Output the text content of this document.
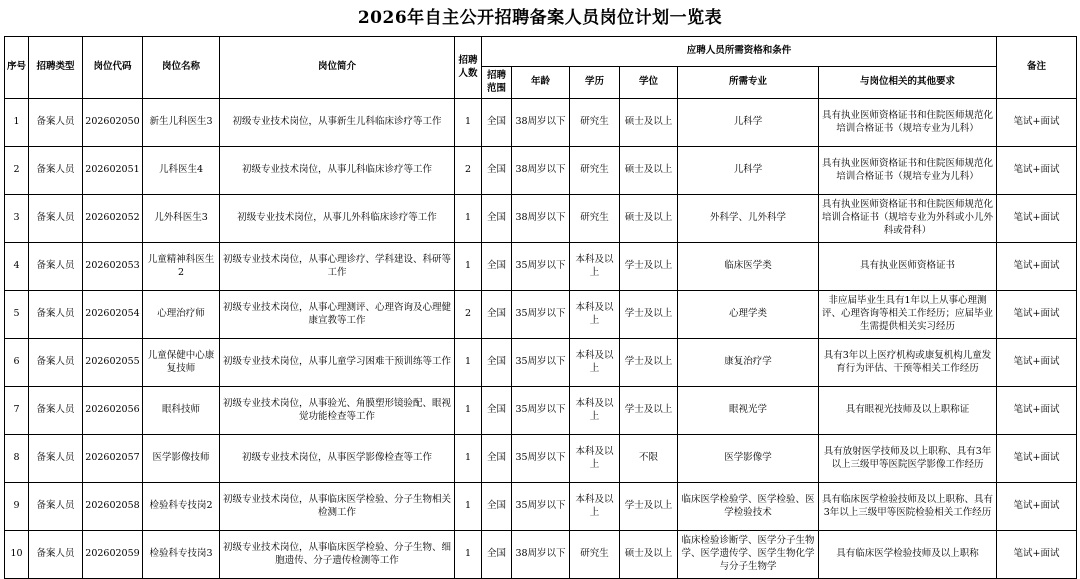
2026年自主公开招聘备案人员岗位计划一览表
序号	招聘类型	岗位代码	岗位名称	岗位简介	招聘人数	应聘人员所需资格和条件						备注
						招聘范围	年龄	学历	学位	所需专业	与岗位相关的其他要求	
1	备案人员	202602050	新生儿科医生3	初级专业技术岗位，从事新生儿科临床诊疗等工作	1	全国	38周岁以下	研究生	硕士及以上	儿科学	具有执业医师资格证书和住院医师规范化培训合格证书（规培专业为儿科）	笔试+面试
2	备案人员	202602051	儿科医生4	初级专业技术岗位，从事儿科临床诊疗等工作	2	全国	38周岁以下	研究生	硕士及以上	儿科学	具有执业医师资格证书和住院医师规范化培训合格证书（规培专业为儿科）	笔试+面试
3	备案人员	202602052	儿外科医生3	初级专业技术岗位，从事儿外科临床诊疗等工作	1	全国	38周岁以下	研究生	硕士及以上	外科学、儿外科学	具有执业医师资格证书和住院医师规范化培训合格证书（规培专业为外科或小儿外科或骨科）	笔试+面试
4	备案人员	202602053	儿童精神科医生2	初级专业技术岗位，从事心理诊疗、学科建设、科研等工作	1	全国	35周岁以下	本科及以上	学士及以上	临床医学类	具有执业医师资格证书	笔试+面试
5	备案人员	202602054	心理治疗师	初级专业技术岗位，从事心理测评、心理咨询及心理健康宣教等工作	2	全国	35周岁以下	本科及以上	学士及以上	心理学类	非应届毕业生具有1年以上从事心理测评、心理咨询等相关工作经历；应届毕业生需提供相关实习经历	笔试+面试
6	备案人员	202602055	儿童保健中心康复技师	初级专业技术岗位，从事儿童学习困难干预训练等工作	1	全国	35周岁以下	本科及以上	学士及以上	康复治疗学	具有3年以上医疗机构或康复机构儿童发育行为评估、干预等相关工作经历	笔试+面试
7	备案人员	202602056	眼科技师	初级专业技术岗位，从事验光、角膜塑形镜验配、眼视觉功能检查等工作	1	全国	35周岁以下	本科及以上	学士及以上	眼视光学	具有眼视光技师及以上职称证	笔试+面试
8	备案人员	202602057	医学影像技师	初级专业技术岗位，从事医学影像检查等工作	1	全国	35周岁以下	本科及以上	不限	医学影像学	具有放射医学技师及以上职称、具有3年以上三级甲等医院医学影像工作经历	笔试+面试
9	备案人员	202602058	检验科专技岗2	初级专业技术岗位，从事临床医学检验、分子生物相关检测工作	1	全国	35周岁以下	本科及以上	学士及以上	临床医学检验学、医学检验、医学检验技术	具有临床医学检验技师及以上职称、具有3年以上三级甲等医院检验相关工作经历	笔试+面试
10	备案人员	202602059	检验科专技岗3	初级专业技术岗位，从事临床医学检验、分子生物、细胞遗传、分子遗传检测等工作	1	全国	38周岁以下	研究生	硕士及以上	临床检验诊断学、医学分子生物学、医学遗传学、医学生物化学与分子生物学	具有临床医学检验技师及以上职称	笔试+面试
